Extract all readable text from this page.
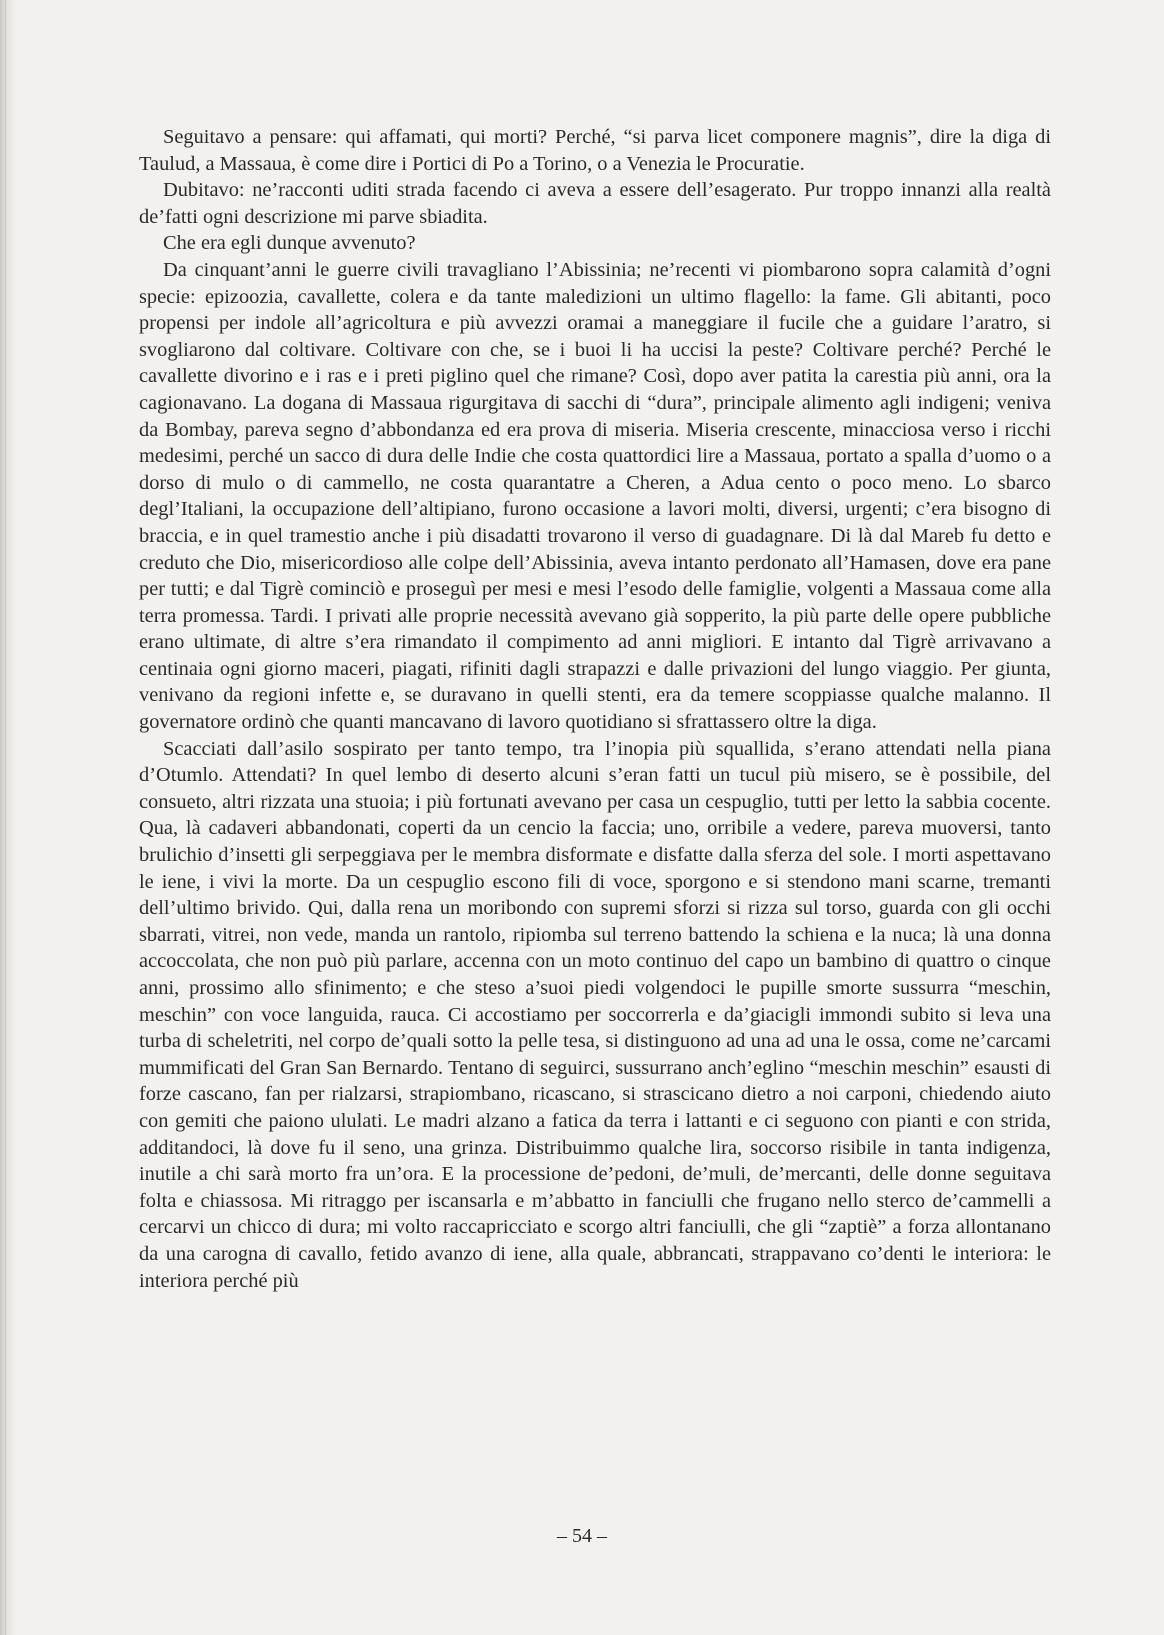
Seguitavo a pensare: qui affamati, qui morti? Perché, “si parva licet componere magnis”, dire la diga di Taulud, a Massaua, è come dire i Portici di Po a Torino, o a Venezia le Procuratie.

Dubitavo: ne’racconti uditi strada facendo ci aveva a essere dell’esagerato. Pur troppo innanzi alla realtà de’fatti ogni descrizione mi parve sbiadita.

Che era egli dunque avvenuto?

Da cinquant’anni le guerre civili travagliano l’Abissinia; ne’recenti vi piombarono sopra calamità d’ogni specie: epizoozia, cavallette, colera e da tante maledizioni un ultimo flagello: la fame. Gli abitanti, poco propensi per indole all’agricoltura e più avvezzi oramai a maneggiare il fucile che a guidare l’aratro, si svogliarono dal coltivare. Coltivare con che, se i buoi li ha uccisi la peste? Coltivare perché? Perché le cavallette divorino e i ras e i preti piglino quel che rimane? Così, dopo aver patita la carestia più anni, ora la cagionavano. La dogana di Massaua rigurgitava di sacchi di “dura”, principale alimento agli indigeni; veniva da Bombay, pareva segno d’abbondanza ed era prova di miseria. Miseria crescente, minacciosa verso i ricchi medesimi, perché un sacco di dura delle Indie che costa quattordici lire a Massaua, portato a spalla d’uomo o a dorso di mulo o di cammello, ne costa quarantatre a Cheren, a Adua cento o poco meno. Lo sbarco degl’Italiani, la occupazione dell’altipiano, furono occasione a lavori molti, diversi, urgenti; c’era bisogno di braccia, e in quel tramestio anche i più disadatti trovarono il verso di guadagnare. Di là dal Mareb fu detto e creduto che Dio, misericordioso alle colpe dell’Abissinia, aveva intanto perdonato all’Hamasen, dove era pane per tutti; e dal Tigrè cominciò e proseguì per mesi e mesi l’esodo delle famiglie, volgenti a Massaua come alla terra promessa. Tardi. I privati alle proprie necessità avevano già sopperito, la più parte delle opere pubbliche erano ultimate, di altre s’era rimandato il compimento ad anni migliori. E intanto dal Tigrè arrivavano a centinaia ogni giorno maceri, piagati, rifiniti dagli strapazzi e dalle privazioni del lungo viaggio. Per giunta, venivano da regioni infette e, se duravano in quelli stenti, era da temere scoppiasse qualche malanno. Il governatore ordinò che quanti mancavano di lavoro quotidiano si sfrattassero oltre la diga.

Scacciati dall’asilo sospirato per tanto tempo, tra l’inopia più squallida, s’erano attendati nella piana d’Otumlo. Attendati? In quel lembo di deserto alcuni s’eran fatti un tucul più misero, se è possibile, del consueto, altri rizzata una stuoia; i più fortunati avevano per casa un cespuglio, tutti per letto la sabbia cocente. Qua, là cadaveri abbandonati, coperti da un cencio la faccia; uno, orribile a vedere, pareva muoversi, tanto brulichio d’insetti gli serpeggiava per le membra disformate e disfatte dalla sferza del sole. I morti aspettavano le iene, i vivi la morte. Da un cespuglio escono fili di voce, sporgono e si stendono mani scarne, tremanti dell’ultimo brivido. Qui, dalla rena un moribondo con supremi sforzi si rizza sul torso, guarda con gli occhi sbarrati, vitrei, non vede, manda un rantolo, ripiomba sul terreno battendo la schiena e la nuca; là una donna accoccolata, che non può più parlare, accenna con un moto continuo del capo un bambino di quattro o cinque anni, prossimo allo sfinimento; e che steso a’suoi piedi volgendoci le pupille smorte sussurra “meschin, meschin” con voce languida, rauca. Ci accostiamo per soccorrerla e da’giacigli immondi subito si leva una turba di scheletriti, nel corpo de’quali sotto la pelle tesa, si distinguono ad una ad una le ossa, come ne’carcami mummificati del Gran San Bernardo. Tentano di seguirci, sussurrano anch’eglino “meschin meschin” esausti di forze cascano, fan per rialzarsi, strapiombano, ricascano, si strascicano dietro a noi carponi, chiedendo aiuto con gemiti che paiono ululati. Le madri alzano a fatica da terra i lattanti e ci seguono con pianti e con strida, additandoci, là dove fu il seno, una grinza. Distribuimmo qualche lira, soccorso risibile in tanta indigenza, inutile a chi sarà morto fra un’ora. E la processione de’pedoni, de’muli, de’mercanti, delle donne seguitava folta e chiassosa. Mi ritraggo per iscansarla e m’abbatto in fanciulli che frugano nello sterco de’cammelli a cercarvi un chicco di dura; mi volto raccapricciato e scorgo altri fanciulli, che gli “zaptiè” a forza allontanano da una carogna di cavallo, fetido avanzo di iene, alla quale, abbrancati, strappavano co’denti le interiora: le interiora perché più

– 54 –
